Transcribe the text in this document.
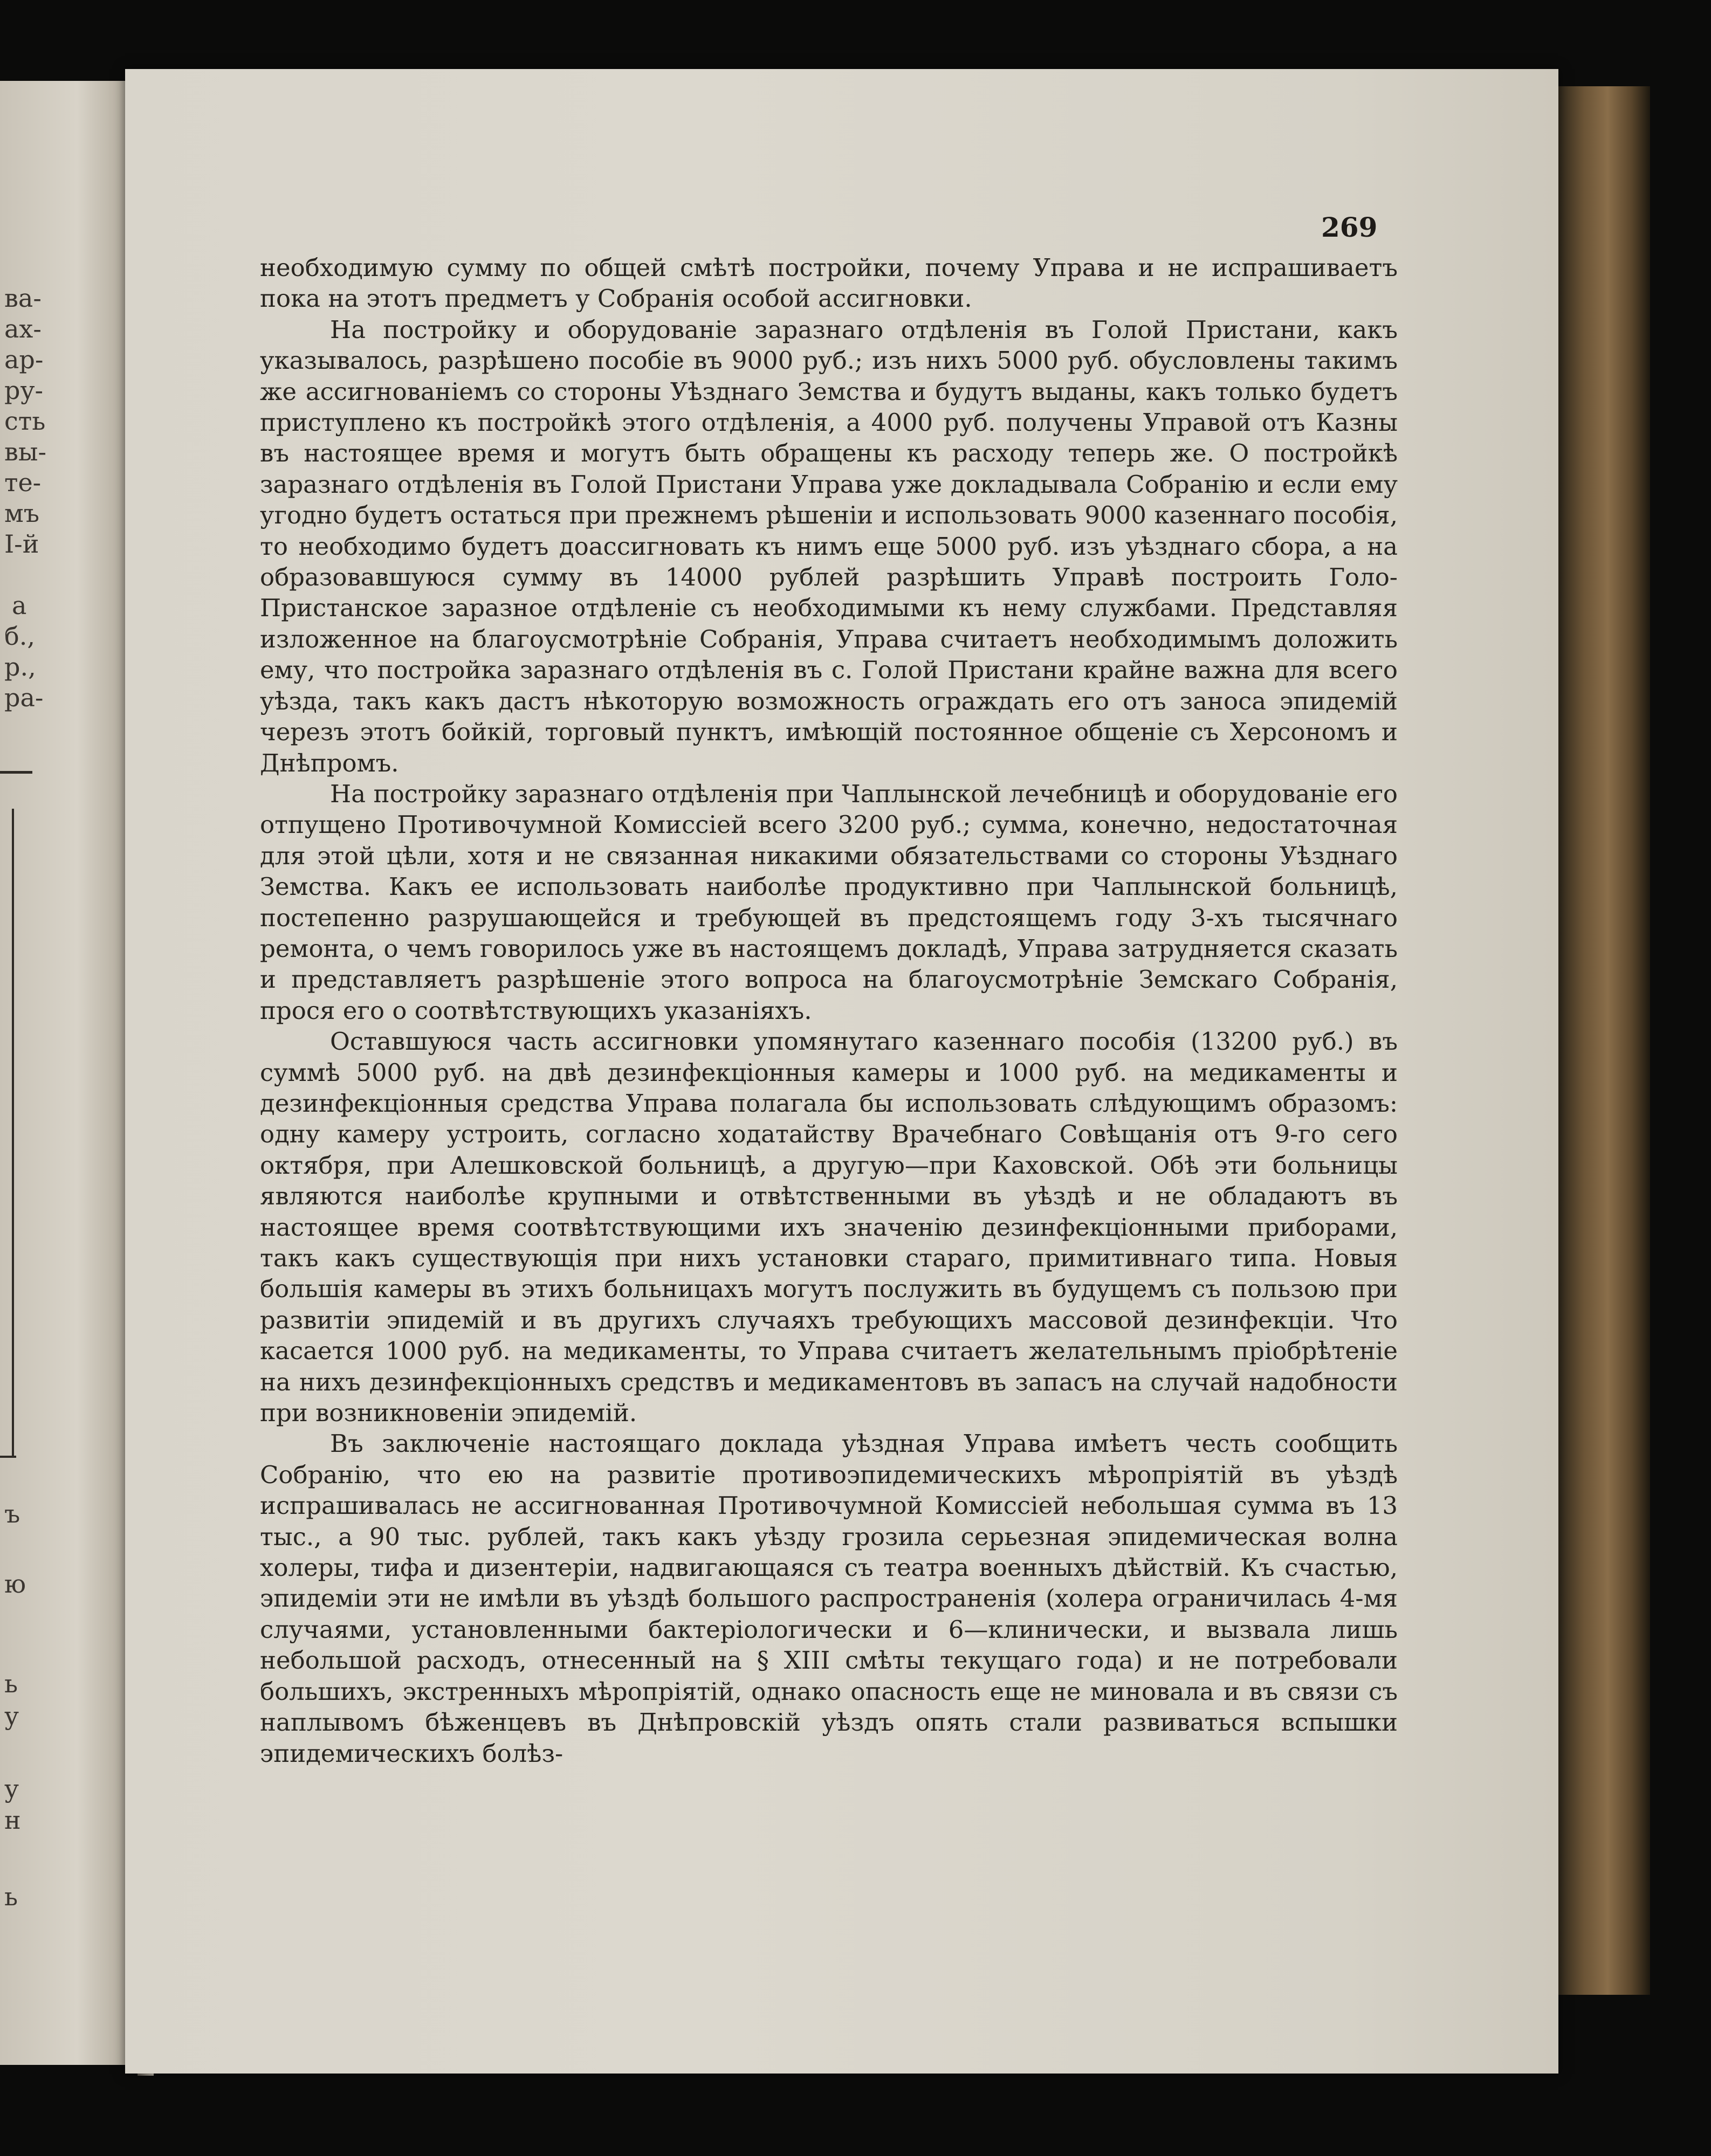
ва-
ах-
ар-
ру-
сть
вы-
те-
мъ
І-й
а
б.,
р.,
ра-
ъ
ю
ь
у
у
н
ь
269

необходимую сумму по общей смѣтѣ постройки, почему Управа и не испрашиваетъ пока на этотъ предметъ у Собранія особой ассигновки.

На постройку и оборудованіе заразнаго отдѣленія въ Голой Пристани, какъ указывалось, разрѣшено пособіе въ 9000 руб.; изъ нихъ 5000 руб. обусловлены такимъ же ассигнованіемъ со стороны Уѣзднаго Земства и будутъ выданы, какъ только будетъ приступлено къ постройкѣ этого отдѣленія, а 4000 руб. получены Управой отъ Казны въ настоящее время и могутъ быть обращены къ расходу теперь же. О постройкѣ заразнаго отдѣленія въ Голой Пристани Управа уже докладывала Собранію и если ему угодно будетъ остаться при прежнемъ рѣшеніи и использовать 9000 казеннаго пособія, то необходимо будетъ доассигновать къ нимъ еще 5000 руб. изъ уѣзднаго сбора, а на образовавшуюся сумму въ 14000 рублей разрѣшить Управѣ построить Голо-Пристанское заразное отдѣленіе съ необходимыми къ нему службами. Представляя изложенное на благоусмотрѣніе Собранія, Управа считаетъ необходимымъ доложить ему, что постройка заразнаго отдѣленія въ с. Голой Пристани крайне важна для всего уѣзда, такъ какъ дастъ нѣкоторую возможность ограждать его отъ заноса эпидемій черезъ этотъ бойкій, торговый пунктъ, имѣющій постоянное общеніе съ Херсономъ и Днѣпромъ.

На постройку заразнаго отдѣленія при Чаплынской лечебницѣ и оборудованіе его отпущено Противочумной Комиссіей всего 3200 руб.; сумма, конечно, недостаточная для этой цѣли, хотя и не связанная никакими обязательствами со стороны Уѣзднаго Земства. Какъ ее использовать наиболѣе продуктивно при Чаплынской больницѣ, постепенно разрушающейся и требующей въ предстоящемъ году 3-хъ тысячнаго ремонта, о чемъ говорилось уже въ настоящемъ докладѣ, Управа затрудняется сказать и представляетъ разрѣшеніе этого вопроса на благоусмотрѣніе Земскаго Собранія, прося его о соотвѣтствующихъ указаніяхъ.

Оставшуюся часть ассигновки упомянутаго казеннаго пособія (13200 руб.) въ суммѣ 5000 руб. на двѣ дезинфекціонныя камеры и 1000 руб. на медикаменты и дезинфекціонныя средства Управа полагала бы использовать слѣдующимъ образомъ: одну камеру устроить, согласно ходатайству Врачебнаго Совѣщанія отъ 9-го сего октября, при Алешковской больницѣ, а другую—при Каховской. Обѣ эти больницы являются наиболѣе крупными и отвѣтственными въ уѣздѣ и не обладаютъ въ настоящее время соотвѣтствующими ихъ значенію дезинфекціонными приборами, такъ какъ существующія при нихъ установки стараго, примитивнаго типа. Новыя большія камеры въ этихъ больницахъ могутъ послужить въ будущемъ съ пользою при развитіи эпидемій и въ другихъ случаяхъ требующихъ массовой дезинфекціи. Что касается 1000 руб. на медикаменты, то Управа считаетъ желательнымъ пріобрѣтеніе на нихъ дезинфекціонныхъ средствъ и медикаментовъ въ запасъ на случай надобности при возникновеніи эпидемій.

Въ заключеніе настоящаго доклада уѣздная Управа имѣетъ честь сообщить Собранію, что ею на развитіе противоэпидемическихъ мѣропріятій въ уѣздѣ испрашивалась не ассигнованная Противочумной Комиссіей небольшая сумма въ 13 тыс., а 90 тыс. рублей, такъ какъ уѣзду грозила серьезная эпидемическая волна холеры, тифа и дизентеріи, надвигающаяся съ театра военныхъ дѣйствій. Къ счастью, эпидеміи эти не имѣли въ уѣздѣ большого распространенія (холера ограничилась 4-мя случаями, установленными бактеріологически и 6—клинически, и вызвала лишь небольшой расходъ, отнесенный на § XIII смѣты текущаго года) и не потребовали большихъ, экстренныхъ мѣропріятій, однако опасность еще не миновала и въ связи съ наплывомъ бѣженцевъ въ Днѣпровскій уѣздъ опять стали развиваться вспышки эпидемическихъ болѣз-
